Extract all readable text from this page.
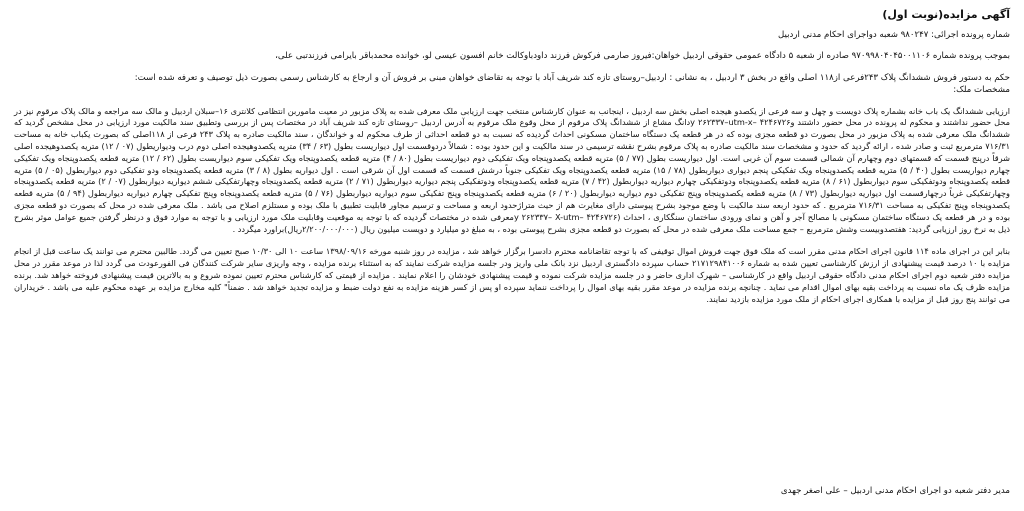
آگهی مزایده(نوبت اول)
شماره پرونده اجرائی: ۹۸۰۲۴۷ شعبه دواجرای احکام مدنی اردبیل
بموجب پرونده شماره ۹۷۰۹۹۸۰۴۰۴۵۰۰۱۱۰۶ صادره از شعبه ۵ دادگاه عمومی حقوقی اردبیل خواهان:فیروز صارمی فرکوش فرزند داودباوکالت خانم افسون عیسی لو، خوانده محمدباقر بایرامی فرزندتبی علی،
حکم به دستور فروش ششدانگ پلاک ۲۴۳فرعی از۱۱۸ اصلی واقع در بخش ۳ اردبیل ، به نشانی : اردبیل–روستای تازه کند شریف آباد با توجه به تقاضای خواهان مبنی بر فروش آن و ارجاع به کارشناس رسمی بصورت ذیل توصیف و تعرفه شده است:
مشخصات ملک:

ارزیابی ششدانگ یک باب خانه بشماره پلاک دویست و چهل و سه فرعی از یکصدو هیجده اصلی بخش سه اردبیل ، اینجانب به عنوان کارشناس منتخب جهت ارزیابی ملک معرفی شده به پلاک مزبور در معیت ماموربن انتظامی کلانتری ۱۶–سبلان اردبیل و مالک سه مراجعه و مالک پلاک مرقوم نیز در محل حضور نداشتند و محکوم له پرونده در محل حضور داشتند و۴۲۴۶۷۲۶ –y ۲۶۲۳۳۷–utm-xدانگ مشاع از ششدانگ پلاک مرقوم از محل وقوع ملک مرقوم به آدرس اردبیل –روستای تازه کند شریف آباد در مختصات پس از بررسی وتطبیق سند مالکیت مورد ارزیابی در محل مشخص گردید که ششدانگ ملک معرفی شده به پلاک مزبور در محل بصورت دو قطعه مجزی بوده که در هر قطعه یک دستگاه ساختمان مسکونی احداث گردیده که نسبت به دو قطعه احداثی از طرف محکوم له و خواندگان ، سند مالکیت صادره به پلاک ۲۴۳ فرعی از ۱۱۸اصلی که بصورت یکباب خانه به مساحت ۷۱۶/۳۱ مترمربع ثبت و صادر شده ، ارائه گردید که حدود و مشخصات سند مالکیت صادره به پلاک مرقوم بشرح نقشه ترسیمی در سند مالکیت و این حدود بوده : شمالاً دردوقسمت اول دیواریست بطول (۶۳ / ۳۴) مترپه یکصدوهیجده اصلی دوم درب ودیواریطول (۰۷ / ۱۲) متریه یکصدوهیجده اصلی شرقاً درپنج قسمت که قسمتهای دوم وچهارم آن شمالی قسمت سوم آن غربی است. اول دیواریست بطول (۷۷ / ۵) متریه قطعه یکصدوپنجاه ویک تفکیکی دوم دیواریست بطول (۸۰ / ۴) متریه قطعه یکصدوپنجاه ویک تفکیکی سوم دیواریست بطول (۶۲ / ۱۲) متریه قطعه یکصدوپنجاه ویک تفکیکی چهارم دیواریست بطول (۴۰ / ۵) متریه قطعه یکصدوپنجاه ویک تفکیکی پنجم دیواری دیواربطول (۷۸ / ۱۵) متریه قطعه یکصدوپنجاه ویک تفکیکی جنوباً درشش قسمت که قسمت اول آن شرقی است . اول دیواریه بطول (۸ / ۳) متریه قطعه یکصدوپنجاه ودو تفکیکی دوم دیواربطول (۰۵ / ۵) متریه قطعه یکصدوپنجاه ودوتفکیکی سوم دیواربطول (۶۱ / ۸) متریه قطعه یکصدوپنجاه ودوتفکیکی چهارم دیواریه دیواربطول (۴۲ / ۷) متریه قطعه یکصدوپنجاه ودوتفکیکی پنجم دیواریه دیواربطول (۷۱ / ۲) متریه قطعه یکصدوپنجاه وچهارتفکیکی ششم دیواریه دیواربطول (۰۷ / ۲) متریه قطعه یکصدوپنجاه وچهارتفکیکی غرباً درچهارقسمت اول دیواریه دیواربطول (۷۳ / ۸) متریه قطعه یکصدوپنجاه وپنج تفکیکی دوم دیواریه دیواربطول (۲۰ / ۶) متریه قطعه یکصدوپنجاه وپنج تفکیکی سوم دیواریه دیواربطول (۷۶ / ۵) متریه قطعه یکصدوپنجاه وپنج تفکیکی چهارم دیواریه دیواربطول (۹۴ / ۵) متریه قطعه یکصدوپنجاه وپنج تفکیکی به مساحت ۷۱۶/۳۱ مترمربع . که حدود اربعه سند مالکیت با وضع موجود بشرح پیوستی دارای مغایرت هم از حیث متراژحدود اربعه و مساحت و ترسیم مجاور قابلیت تطبیق با ملک بوده و مستلزم اصلاح می باشد . ملک معرفی شده در محل که بصورت دو قطعه مجزی بوده و در هر قطعه یک دستگاه ساختمان مسکونی با مصالح آجر و آهن و نمای ورودی ساختمان سنگکاری ، احداث (۴۲۴۶۷۲۶ –y ۲۶۲۳۳۷– X-utmمعرفی شده در مختصات گردیده که با توجه به موقعیت وقابلیت ملک مورد ارزیابی و با توجه به موارد فوق و درنظر گرفتن جمیع عوامل موثر بشرح ذیل به نرخ روز ارزیابی گردید: هفتصدوبیست وشش مترمربع – جمع مساحت ملک معرفی شده در محل که بصورت دو قطعه مجزی بشرح پیوستی بوده ، به مبلغ دو میلیارد و دویست میلیون ریال (۲/۲۰۰/۰۰۰/۰۰۰ریال)براورد میگردد .

بنابر این در اجرای ماده ۱۱۴ قانون اجرای احکام مدنی مقرر است که ملک فوق جهت فروش اموال توقیفی که با توجه تقاضانامه محترم دادسرا برگزار خواهد شد ، مزایده در روز شنبه مورخه ۱۳۹۸/۰۹/۱۶ ساعت ۱۰ الی ۱۰/۳۰ صبح تعیین می گردد. طالبین محترم می توانند یک ساعت قبل از انجام مزایده با ۱۰ درصد قیمت پیشنهادی از ارزش کارشناسی تعیین شده به شماره ۲۱۷۱۲۹۸۴۱۰۰۶ حساب سپرده دادگستری اردبیل نزد بانک ملی واریز ودر جلسه مزایده شرکت نمایند که به استثناء برنده مزایده ، وجه واریزی سایر شرکت کنندگان فی الفورعودت می گردد لذا در موعد مقرر در محل مزایده دفتر شعبه دوم اجرای احکام مدنی دادگاه حقوقی اردبیل واقع در کارشناسی – شهرک اداری حاضر و در جلسه مزایده شرکت نموده و قیمت پیشنهادی خودشان را اعلام نمایند . مزایده از قیمتی که کارشناس محترم تعیین نموده شروع و به بالاترین قیمت پیشنهادی فروخته خواهد شد. برنده مزایده ظرف یک ماه نسبت به پرداخت بقیه بهای اموال اقدام می نماید . چنانچه برنده مزایده در موعد مقرر بقیه بهای اموال را پرداخت ننماید سپرده او پس از کسر هزینه مزایده به نفع دولت ضبط و مزایده تجدید خواهد شد . ضمناً" کلیه مخارج مزایده بر عهده محکوم علیه می باشد . خریداران می توانند پنج روز قبل از مزایده با همکاری اجرای احکام از ملک مورد مزایده بازدید نمایند.

مدیر دفتر شعبه دو اجرای احکام مدنی اردبیل – علی اصغر جهدی
